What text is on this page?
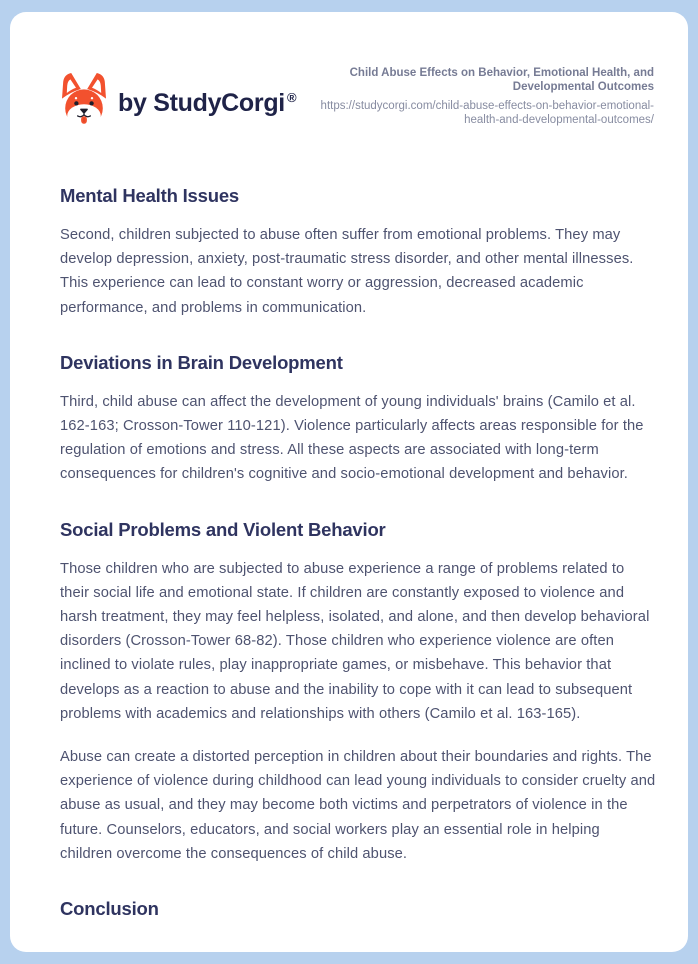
by StudyCorgi ®
Child Abuse Effects on Behavior, Emotional Health, and Developmental Outcomes
https://studycorgi.com/child-abuse-effects-on-behavior-emotional-health-and-developmental-outcomes/
Mental Health Issues

Second, children subjected to abuse often suffer from emotional problems. They may develop depression, anxiety, post-traumatic stress disorder, and other mental illnesses. This experience can lead to constant worry or aggression, decreased academic performance, and problems in communication.

Deviations in Brain Development

Third, child abuse can affect the development of young individuals' brains (Camilo et al. 162-163; Crosson-Tower 110-121). Violence particularly affects areas responsible for the regulation of emotions and stress. All these aspects are associated with long-term consequences for children's cognitive and socio-emotional development and behavior.

Social Problems and Violent Behavior

Those children who are subjected to abuse experience a range of problems related to their social life and emotional state. If children are constantly exposed to violence and harsh treatment, they may feel helpless, isolated, and alone, and then develop behavioral disorders (Crosson-Tower 68-82). Those children who experience violence are often inclined to violate rules, play inappropriate games, or misbehave. This behavior that develops as a reaction to abuse and the inability to cope with it can lead to subsequent problems with academics and relationships with others (Camilo et al. 163-165).

Abuse can create a distorted perception in children about their boundaries and rights. The experience of violence during childhood can lead young individuals to consider cruelty and abuse as usual, and they may become both victims and perpetrators of violence in the future. Counselors, educators, and social workers play an essential role in helping children overcome the consequences of child abuse.

Conclusion
